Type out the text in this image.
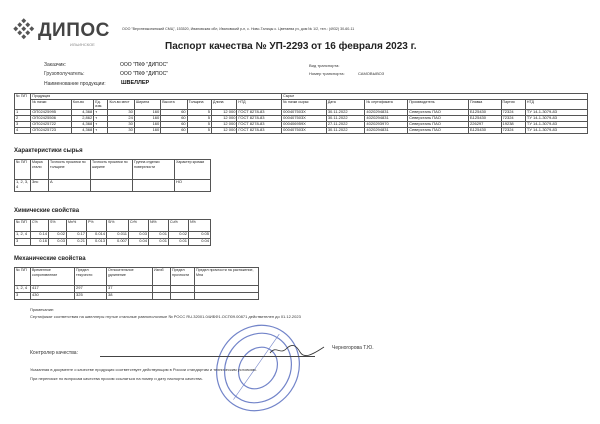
ДИПОС
ИЛЬИНСКОЕ
ООО "Верхнеяжзнинский СМЦ", 153520, Ивановская обл, Ивановский р-н, с. Ново-Талицы с. Цветаева уч, дом № 1/2, тел.: (4932) 30-60-11
Паспорт качества № УП-2293 от 16 февраля 2023 г.
Заказчик:	ООО "ПКФ "ДИПОС"
Грузополучатель:	ООО "ПКФ "ДИПОС"
Наименование продукции:	ШВЕЛЛЕР
Вид транспорта:
Номер транспорта:	САМОВЫВОЗ
№ П/П	Продукция									Сырье						
	№ пачки	Кол-во	Ед. изм.	Кол-во мест	Ширина	Высота	Толщина	Длина	НТД	№ пачки сырья	Дата	№ сертификата	Производитель	Плавка	Партия	НТД
1	ОП02425995	4,368	т	30	160	60	5	12 000	ГОСТ 8278-83	000407503X	30.11.2022	4020294831	Северсталь ПАО	Б125430	72324	ТУ 14-1-3079-83
2	ОП02425506	2,862	т	24	160	60	5	12 000	ГОСТ 8278-83	000407503X	30.11.2022	4020294831	Северсталь ПАО	Б125430	72324	ТУ 14-1-3079-83
3	ОП02425722	4,368	т	30	160	60	5	12 000	ГОСТ 8278-83	000406959X	27.11.2022	4020293970	Северсталь ПАО	226297	19238	ТУ 14-1-3079-83
4	ОП02425723	4,368	т	30	160	60	5	12 000	ГОСТ 8278-83	000407503X	30.11.2022	4020294831	Северсталь ПАО	Б125430	72324	ТУ 14-1-3079-83
Характеристики сырья
№ П/П	Марка стали	Точность прокатки по толщине	Точность прокатки по ширине	Группа отделки поверхности	Характер кромки
1, 2, 3, 4	3пс	А			НО
Химические свойства
№ П/П	C%	S%	Mn%	P%	Si%	Cr%	Ni%	Cu%	N%
1, 2, 4	0.14	0.02	0.17	0.014	0.011	0.03	0.01	0.02	0.05
3	0.16	0.03	0.21	0.013	0.007	0.04	0.01	0.01	0.04
Механические свойства
№ П/П	Временное сопротивление	Предел текучести	Относительное удлинение	Изгиб	Предел прочности	Предел прочности на растяжение, Мпа
1, 2, 4	417	297	37			
3	430	325	38			
Примечание:
Сертификат соответствия на швеллеры гнутые стальные равнополочные № РОСС RU.32001.04ИБФ1.ОСП09.00871 действителен до 01.12.2023
Контролер качества:
Черногорова Т.Ю.
Указанная в документе о качестве продукция соответствует действующим в России стандартам и техническим условиям.
При переписке по вопросам качества просим ссылаться на номер и дату паспорта качества.
